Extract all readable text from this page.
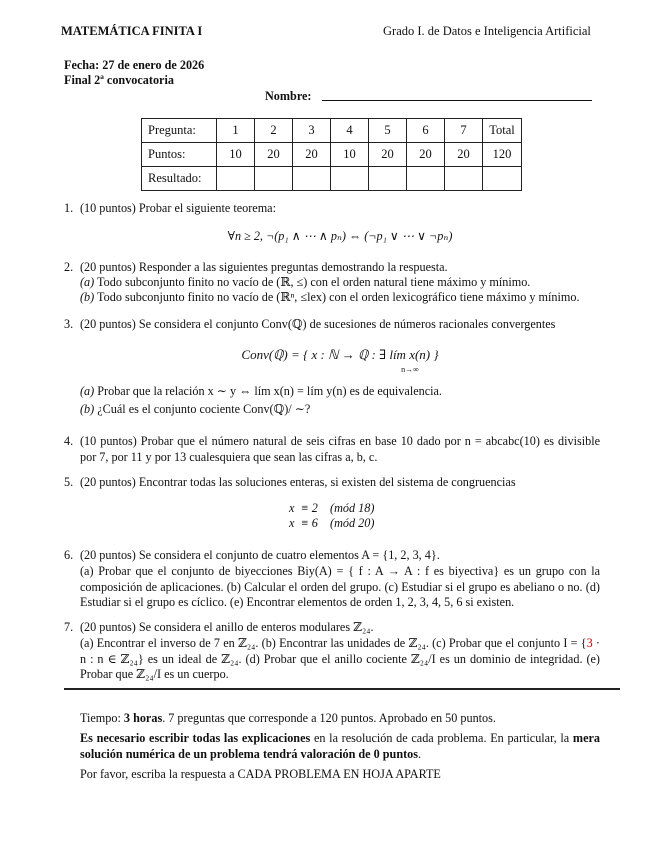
MATEMÁTICA FINITA I	Grado I. de Datos e Inteligencia Artificial
Fecha: 27 de enero de 2026
Final 2ª convocatoria
Nombre:
Pregunta:	1	2	3	4	5	6	7	Total
Puntos:	10	20	20	10	20	20	20	120
Resultado:								
1. (10 puntos) Probar el siguiente teorema:
∀n ≥ 2, ¬(p₁ ∧ ⋯ ∧ pₙ) ⇔ (¬p₁ ∨ ⋯ ∨ ¬pₙ)
2. (20 puntos) Responder a las siguientes preguntas demostrando la respuesta.
(a) Todo subconjunto finito no vacío de (ℝ, ≤) con el orden natural tiene máximo y mínimo.
(b) Todo subconjunto finito no vacío de (ℝⁿ, ≤lex) con el orden lexicográfico tiene máximo y mínimo.
3. (20 puntos) Se considera el conjunto Conv(ℚ) de sucesiones de números racionales convergentes
Conv(ℚ) = { x : ℕ → ℚ : ∃ lím x(n) }
n→∞
(a) Probar que la relación x ∼ y ⇔ lím x(n) = lím y(n) es de equivalencia.
(b) ¿Cuál es el conjunto cociente Conv(ℚ)/ ∼?
4. (10 puntos) Probar que el número natural de seis cifras en base 10 dado por n = abcabc(10) es divisible por 7, por 11 y por 13 cualesquiera que sean las cifras a, b, c.
5. (20 puntos) Encontrar todas las soluciones enteras, si existen del sistema de congruencias
x  ≡ 2    (mód 18)
x  ≡ 6    (mód 20)
6. (20 puntos) Se considera el conjunto de cuatro elementos A = {1, 2, 3, 4}.
(a) Probar que el conjunto de biyecciones Biy(A) = { f : A → A : f es biyectiva} es un grupo con la composición de aplicaciones. (b) Calcular el orden del grupo. (c) Estudiar si el grupo es abeliano o no. (d) Estudiar si el grupo es cíclico. (e) Encontrar elementos de orden 1, 2, 3, 4, 5, 6 si existen.
7. (20 puntos) Se considera el anillo de enteros modulares ℤ₂₄.
(a) Encontrar el inverso de 7 en ℤ₂₄. (b) Encontrar las unidades de ℤ₂₄. (c) Probar que el conjunto I = {3 · n : n ∈ ℤ₂₄} es un ideal de ℤ₂₄. (d) Probar que el anillo cociente ℤ₂₄/I es un dominio de integridad. (e) Probar que ℤ₂₄/I es un cuerpo.
Tiempo: 3 horas. 7 preguntas que corresponde a 120 puntos. Aprobado en 50 puntos.
Es necesario escribir todas las explicaciones en la resolución de cada problema. En particular, la mera solución numérica de un problema tendrá valoración de 0 puntos.
Por favor, escriba la respuesta a CADA PROBLEMA EN HOJA APARTE
